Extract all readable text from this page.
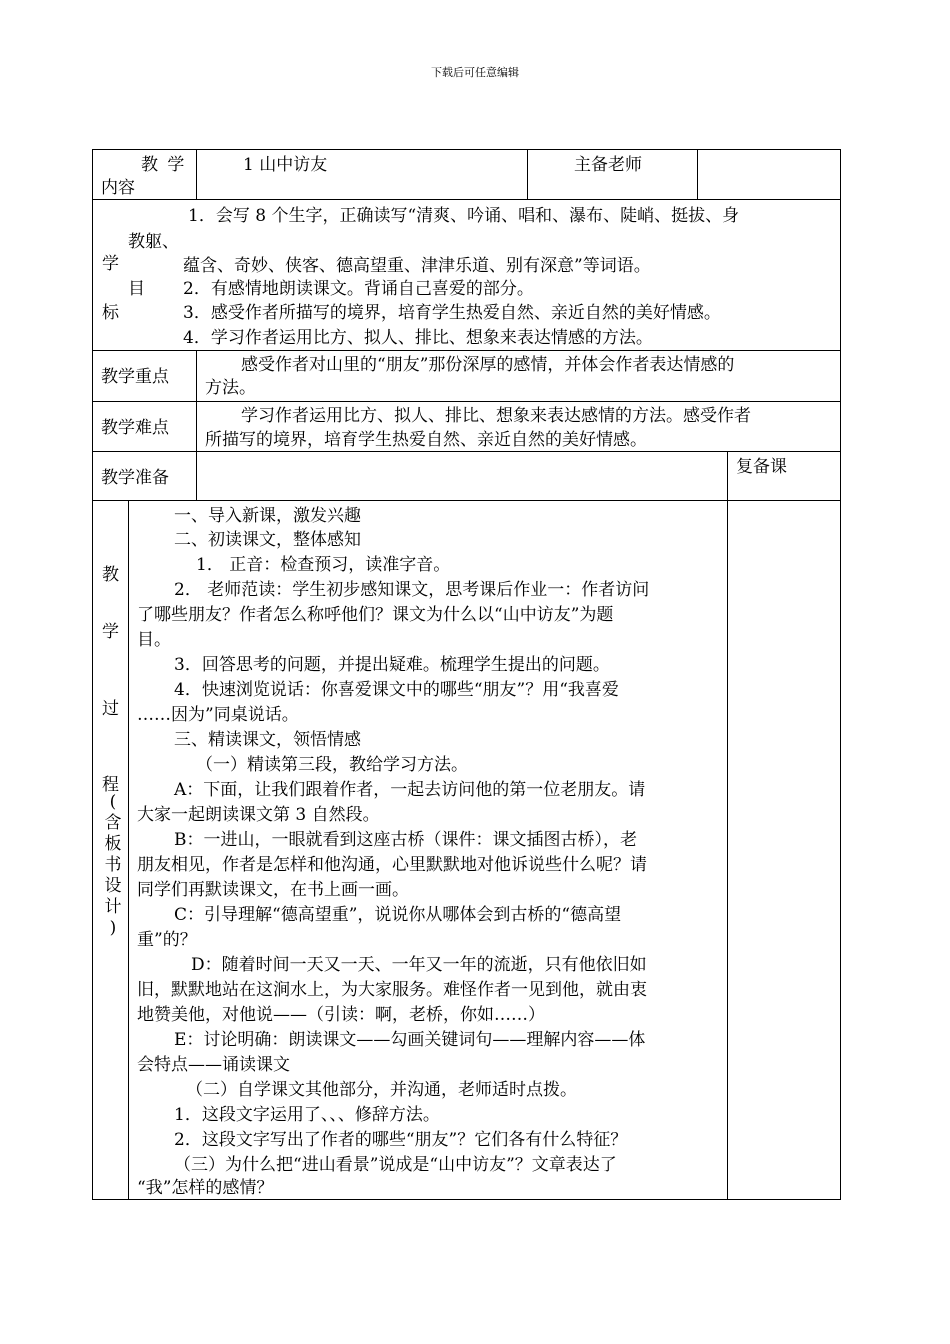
下载后可任意编辑
教 学
内容
1 山中访友	主备老师
教
学
目
标
1．会写 8 个生字，正确读写“清爽、吟诵、唱和、瀑布、陡峭、挺拔、身
躯、
蕴含、奇妙、侠客、德高望重、津津乐道、别有深意”等词语。
2．有感情地朗读课文。背诵自己喜爱的部分。
3．感受作者所描写的境界，培育学生热爱自然、亲近自然的美好情感。
4．学习作者运用比方、拟人、排比、想象来表达情感的方法。
教学重点
感受作者对山里的“朋友”那份深厚的感情，并体会作者表达情感的
方法。
教学难点
学习作者运用比方、拟人、排比、想象来表达感情的方法。感受作者
所描写的境界，培育学生热爱自然、亲近自然的美好情感。
教学准备
复备课
教
学
过
程
(
含
板
书
设
计
)
一、导入新课，激发兴趣
二、初读课文，整体感知
1． 正音：检查预习，读准字音。
2． 老师范读：学生初步感知课文，思考课后作业一：作者访问
了哪些朋友？作者怎么称呼他们？课文为什么以“山中访友”为题
目。
3．回答思考的问题，并提出疑难。梳理学生提出的问题。
4．快速浏览说话：你喜爱课文中的哪些“朋友”？用“我喜爱
……因为”同桌说话。
三、精读课文，领悟情感
（一）精读第三段，教给学习方法。
A：下面，让我们跟着作者，一起去访问他的第一位老朋友。请
大家一起朗读课文第 3 自然段。
B：一进山，一眼就看到这座古桥（课件：课文插图古桥），老
朋友相见，作者是怎样和他沟通，心里默默地对他诉说些什么呢？请
同学们再默读课文，在书上画一画。
C：引导理解“德高望重”，说说你从哪体会到古桥的“德高望
重”的？
D：随着时间一天又一天、一年又一年的流逝，只有他依旧如
旧，默默地站在这涧水上，为大家服务。难怪作者一见到他，就由衷
地赞美他，对他说——（引读：啊，老桥，你如……）
E：讨论明确：朗读课文——勾画关键词句——理解内容——体
会特点——诵读课文
（二）自学课文其他部分，并沟通，老师适时点拨。
1．这段文字运用了、、、修辞方法。
2．这段文字写出了作者的哪些“朋友”？它们各有什么特征？
（三）为什么把“进山看景”说成是“山中访友”？文章表达了
“我”怎样的感情？
